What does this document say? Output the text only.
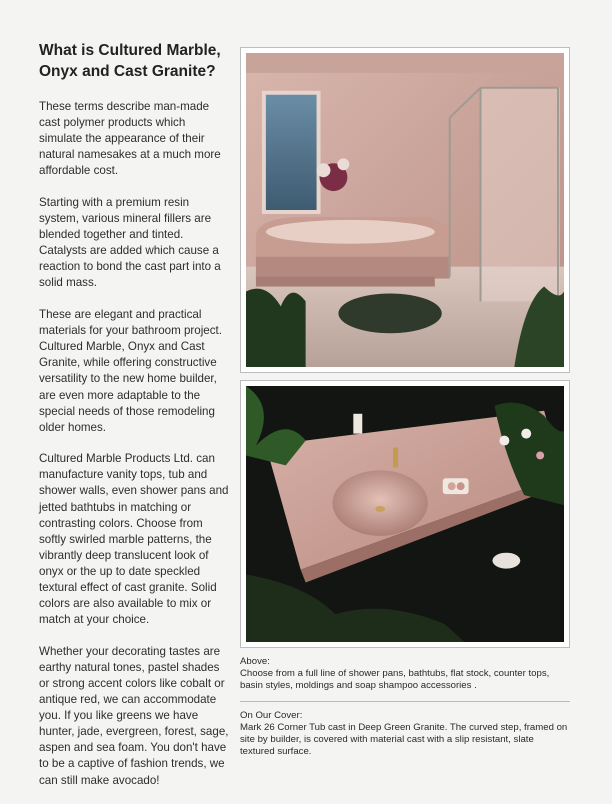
What is Cultured Marble,
Onyx and Cast Granite?

These terms describe man-made cast polymer products which simulate the appearance of their natural namesakes at a much more affordable cost.

Starting with a premium resin system, various mineral fillers are blended together and tinted. Catalysts are added which cause a reaction to bond the cast part into a solid mass.

These are elegant and practical materials for your bathroom project. Cultured Marble, Onyx and Cast Granite, while offering constructive versatility to the new home builder, are even more adaptable to the special needs of those remodeling older homes.

Cultured Marble Products Ltd. can manufacture vanity tops, tub and shower walls, even shower pans and jetted bathtubs in matching or contrasting colors. Choose from softly swirled marble patterns, the vibrantly deep translucent look of onyx or the up to date speckled textural effect of cast granite. Solid colors are also available to mix or match at your choice.

Whether your decorating tastes are earthy natural tones, pastel shades or strong accent colors like cobalt or antique red, we can accommodate you. If you like greens we have hunter, jade, evergreen, forest, sage, aspen and sea foam. You don't have to be a captive of fashion trends, we can still make avocado!

Above:
Choose from a full line of shower pans, bathtubs, flat stock, counter tops, basin styles, moldings and soap shampoo accessories .
On Our Cover:
Mark 26 Corner Tub cast in Deep Green Granite. The curved step, framed on site by builder, is covered with material cast with a slip resistant, slate textured surface.
